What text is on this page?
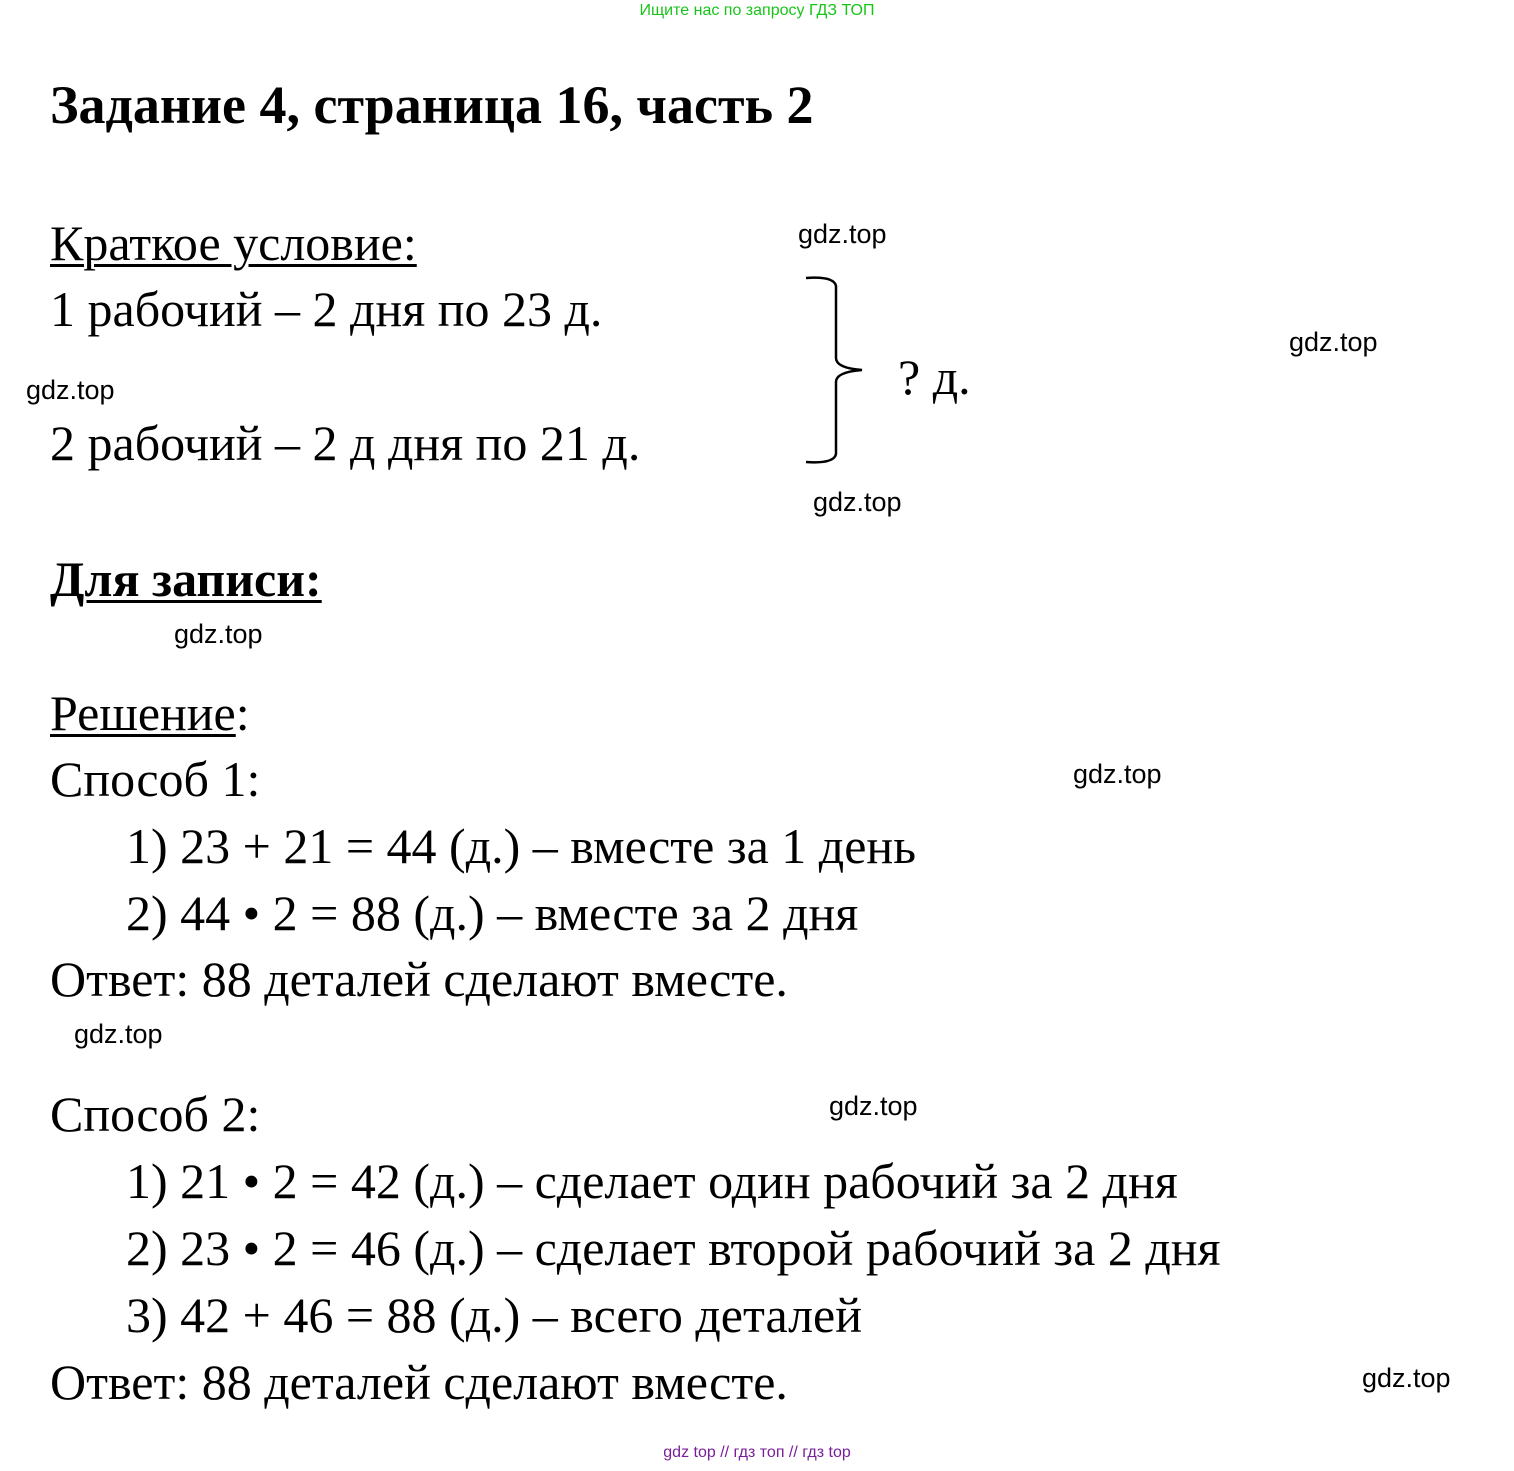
Ищите нас по запросу ГДЗ ТОП
Задание 4, страница 16, часть 2
Краткое условие:
1 рабочий – 2 дня по 23 д.
2 рабочий – 2 д дня по 21 д.
? д.
Для записи:
Решение:
Способ 1:
1) 23 + 21 = 44 (д.) – вместе за 1 день
2) 44 • 2 = 88 (д.) – вместе за 2 дня
Ответ: 88 деталей сделают вместе.
Способ 2:
1) 21 • 2 = 42 (д.) – сделает один рабочий за 2 дня
2) 23 • 2 = 46 (д.) – сделает второй рабочий за 2 дня
3) 42 + 46 = 88 (д.) – всего деталей
Ответ: 88 деталей сделают вместе.
gdz.top
gdz.top
gdz.top
gdz.top
gdz.top
gdz.top
gdz.top
gdz.top
gdz.top
gdz top // гдз топ // гдз top
